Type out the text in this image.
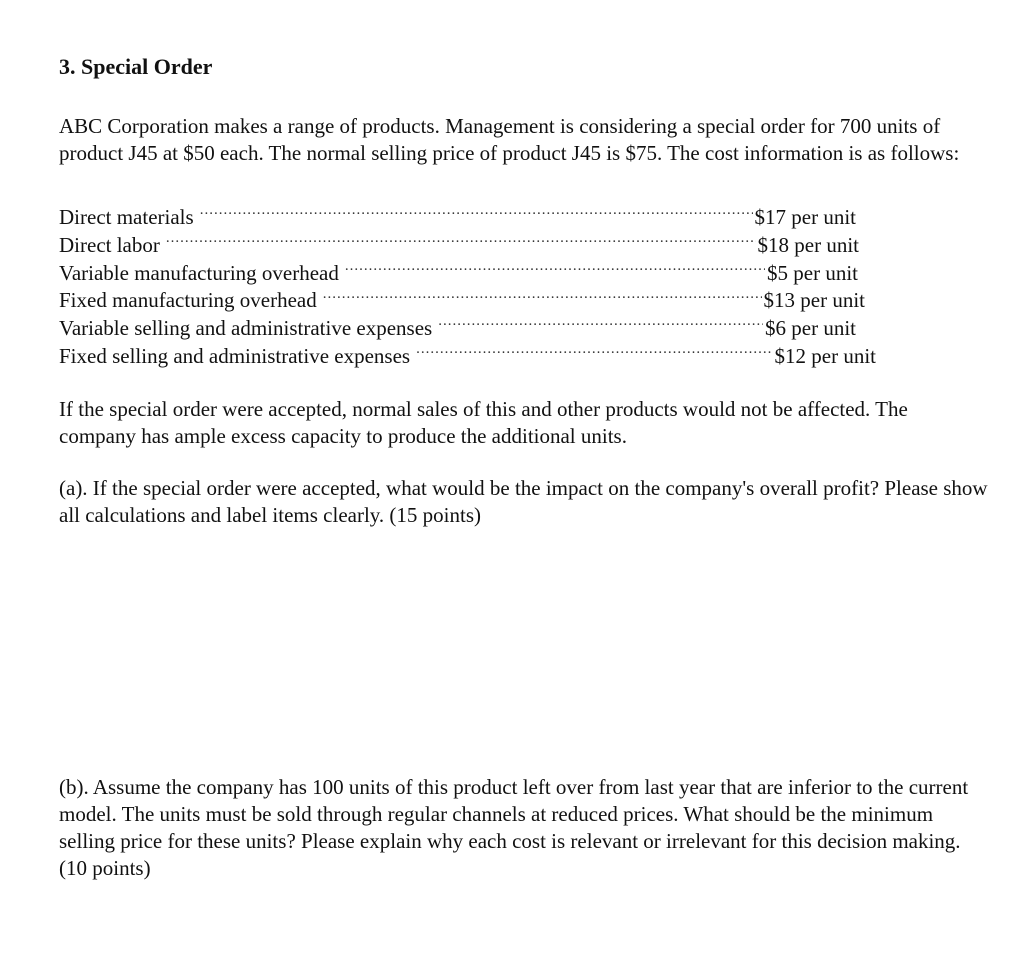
3. Special Order

ABC Corporation makes a range of products. Management is considering a special order for 700 units of product J45 at $50 each. The normal selling price of product J45 is $75. The cost information is as follows:

Direct materials .....	$17 per unit
Direct labor .....	$18 per unit
Variable manufacturing overhead .....	$5 per unit
Fixed manufacturing overhead .....	$13 per unit
Variable selling and administrative expenses .....	$6 per unit
Fixed selling and administrative expenses .....	$12 per unit

If the special order were accepted, normal sales of this and other products would not be affected. The company has ample excess capacity to produce the additional units.

(a). If the special order were accepted, what would be the impact on the company's overall profit? Please show all calculations and label items clearly. (15 points)

(b). Assume the company has 100 units of this product left over from last year that are inferior to the current model. The units must be sold through regular channels at reduced prices. What should be the minimum selling price for these units? Please explain why each cost is relevant or irrelevant for this decision making. (10 points)
